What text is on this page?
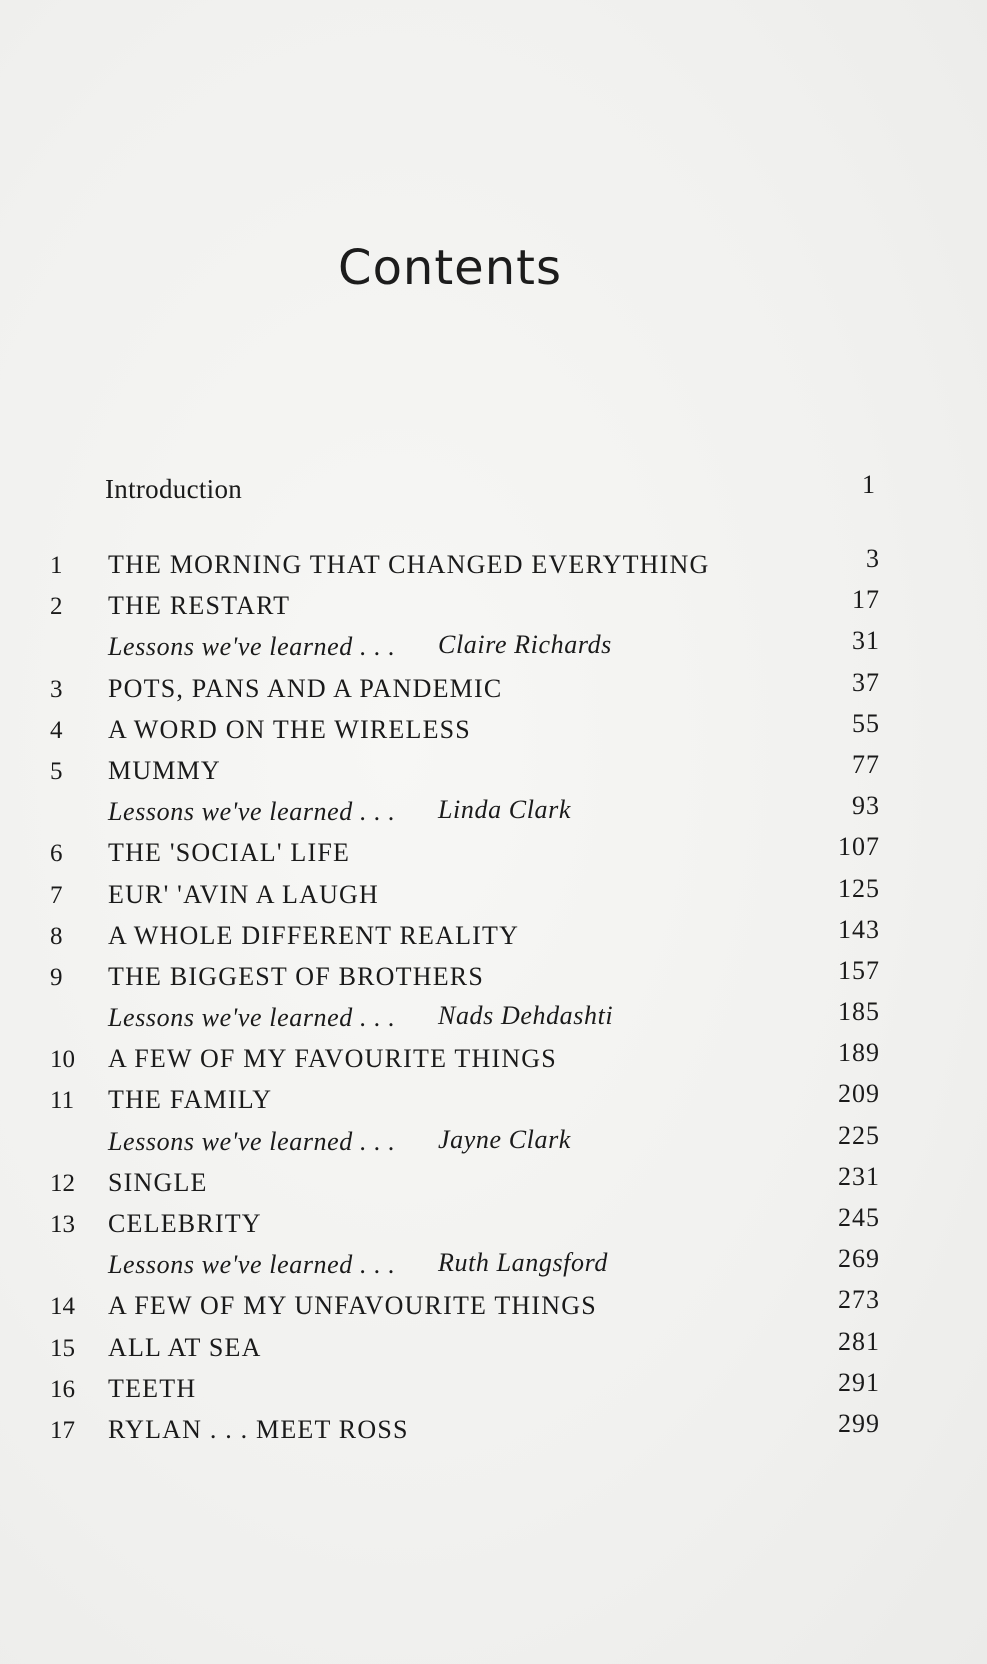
Contents
Introduction	1
1	THE MORNING THAT CHANGED EVERYTHING	3
2	THE RESTART	17
Lessons we've learned . . . Claire Richards	31
3	POTS, PANS AND A PANDEMIC	37
4	A WORD ON THE WIRELESS	55
5	MUMMY	77
Lessons we've learned . . . Linda Clark	93
6	THE 'SOCIAL' LIFE	107
7	EUR' 'AVIN A LAUGH	125
8	A WHOLE DIFFERENT REALITY	143
9	THE BIGGEST OF BROTHERS	157
Lessons we've learned . . . Nads Dehdashti	185
10	A FEW OF MY FAVOURITE THINGS	189
11	THE FAMILY	209
Lessons we've learned . . . Jayne Clark	225
12	SINGLE	231
13	CELEBRITY	245
Lessons we've learned . . . Ruth Langsford	269
14	A FEW OF MY UNFAVOURITE THINGS	273
15	ALL AT SEA	281
16	TEETH	291
17	RYLAN . . . MEET ROSS	299
